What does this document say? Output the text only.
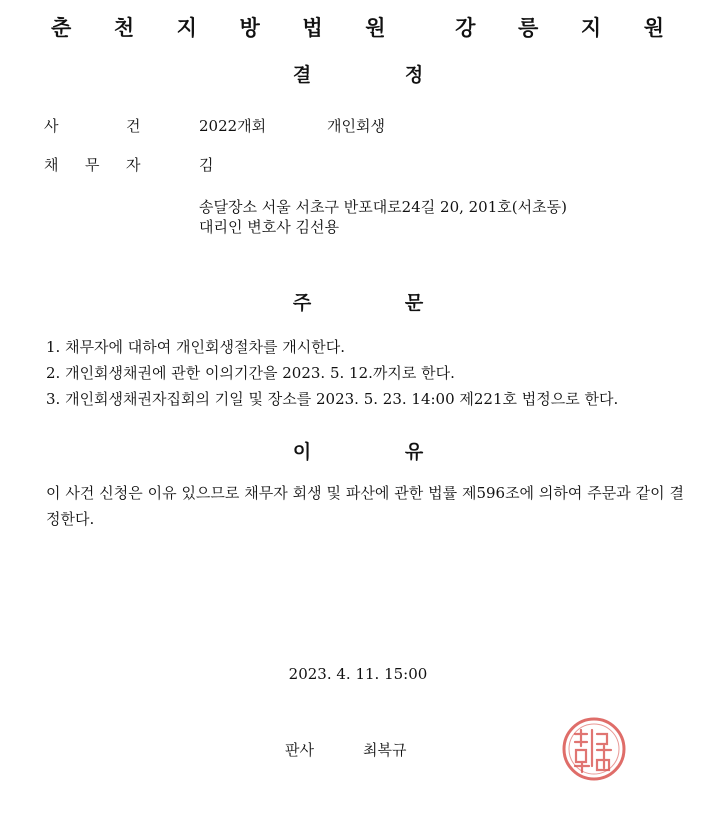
춘 천 지 방 법 원	강 릉 지 원
결	정
사	건	2022개회	개인회생
채 무 자	김
송달장소 서울 서초구 반포대로24길 20, 201호(서초동)
대리인 변호사 김선용
주	문
1. 채무자에 대하여 개인회생절차를 개시한다.
2. 개인회생채권에 관한 이의기간을 2023. 5. 12.까지로 한다.
3. 개인회생채권자집회의 기일 및 장소를 2023. 5. 23. 14:00 제221호 법정으로 한다.
이	유
이 사건 신청은 이유 있으므로 채무자 회생 및 파산에 관한 법률 제596조에 의하여 주문과 같이 결정한다.
2023. 4. 11. 15:00
판사	최복규
